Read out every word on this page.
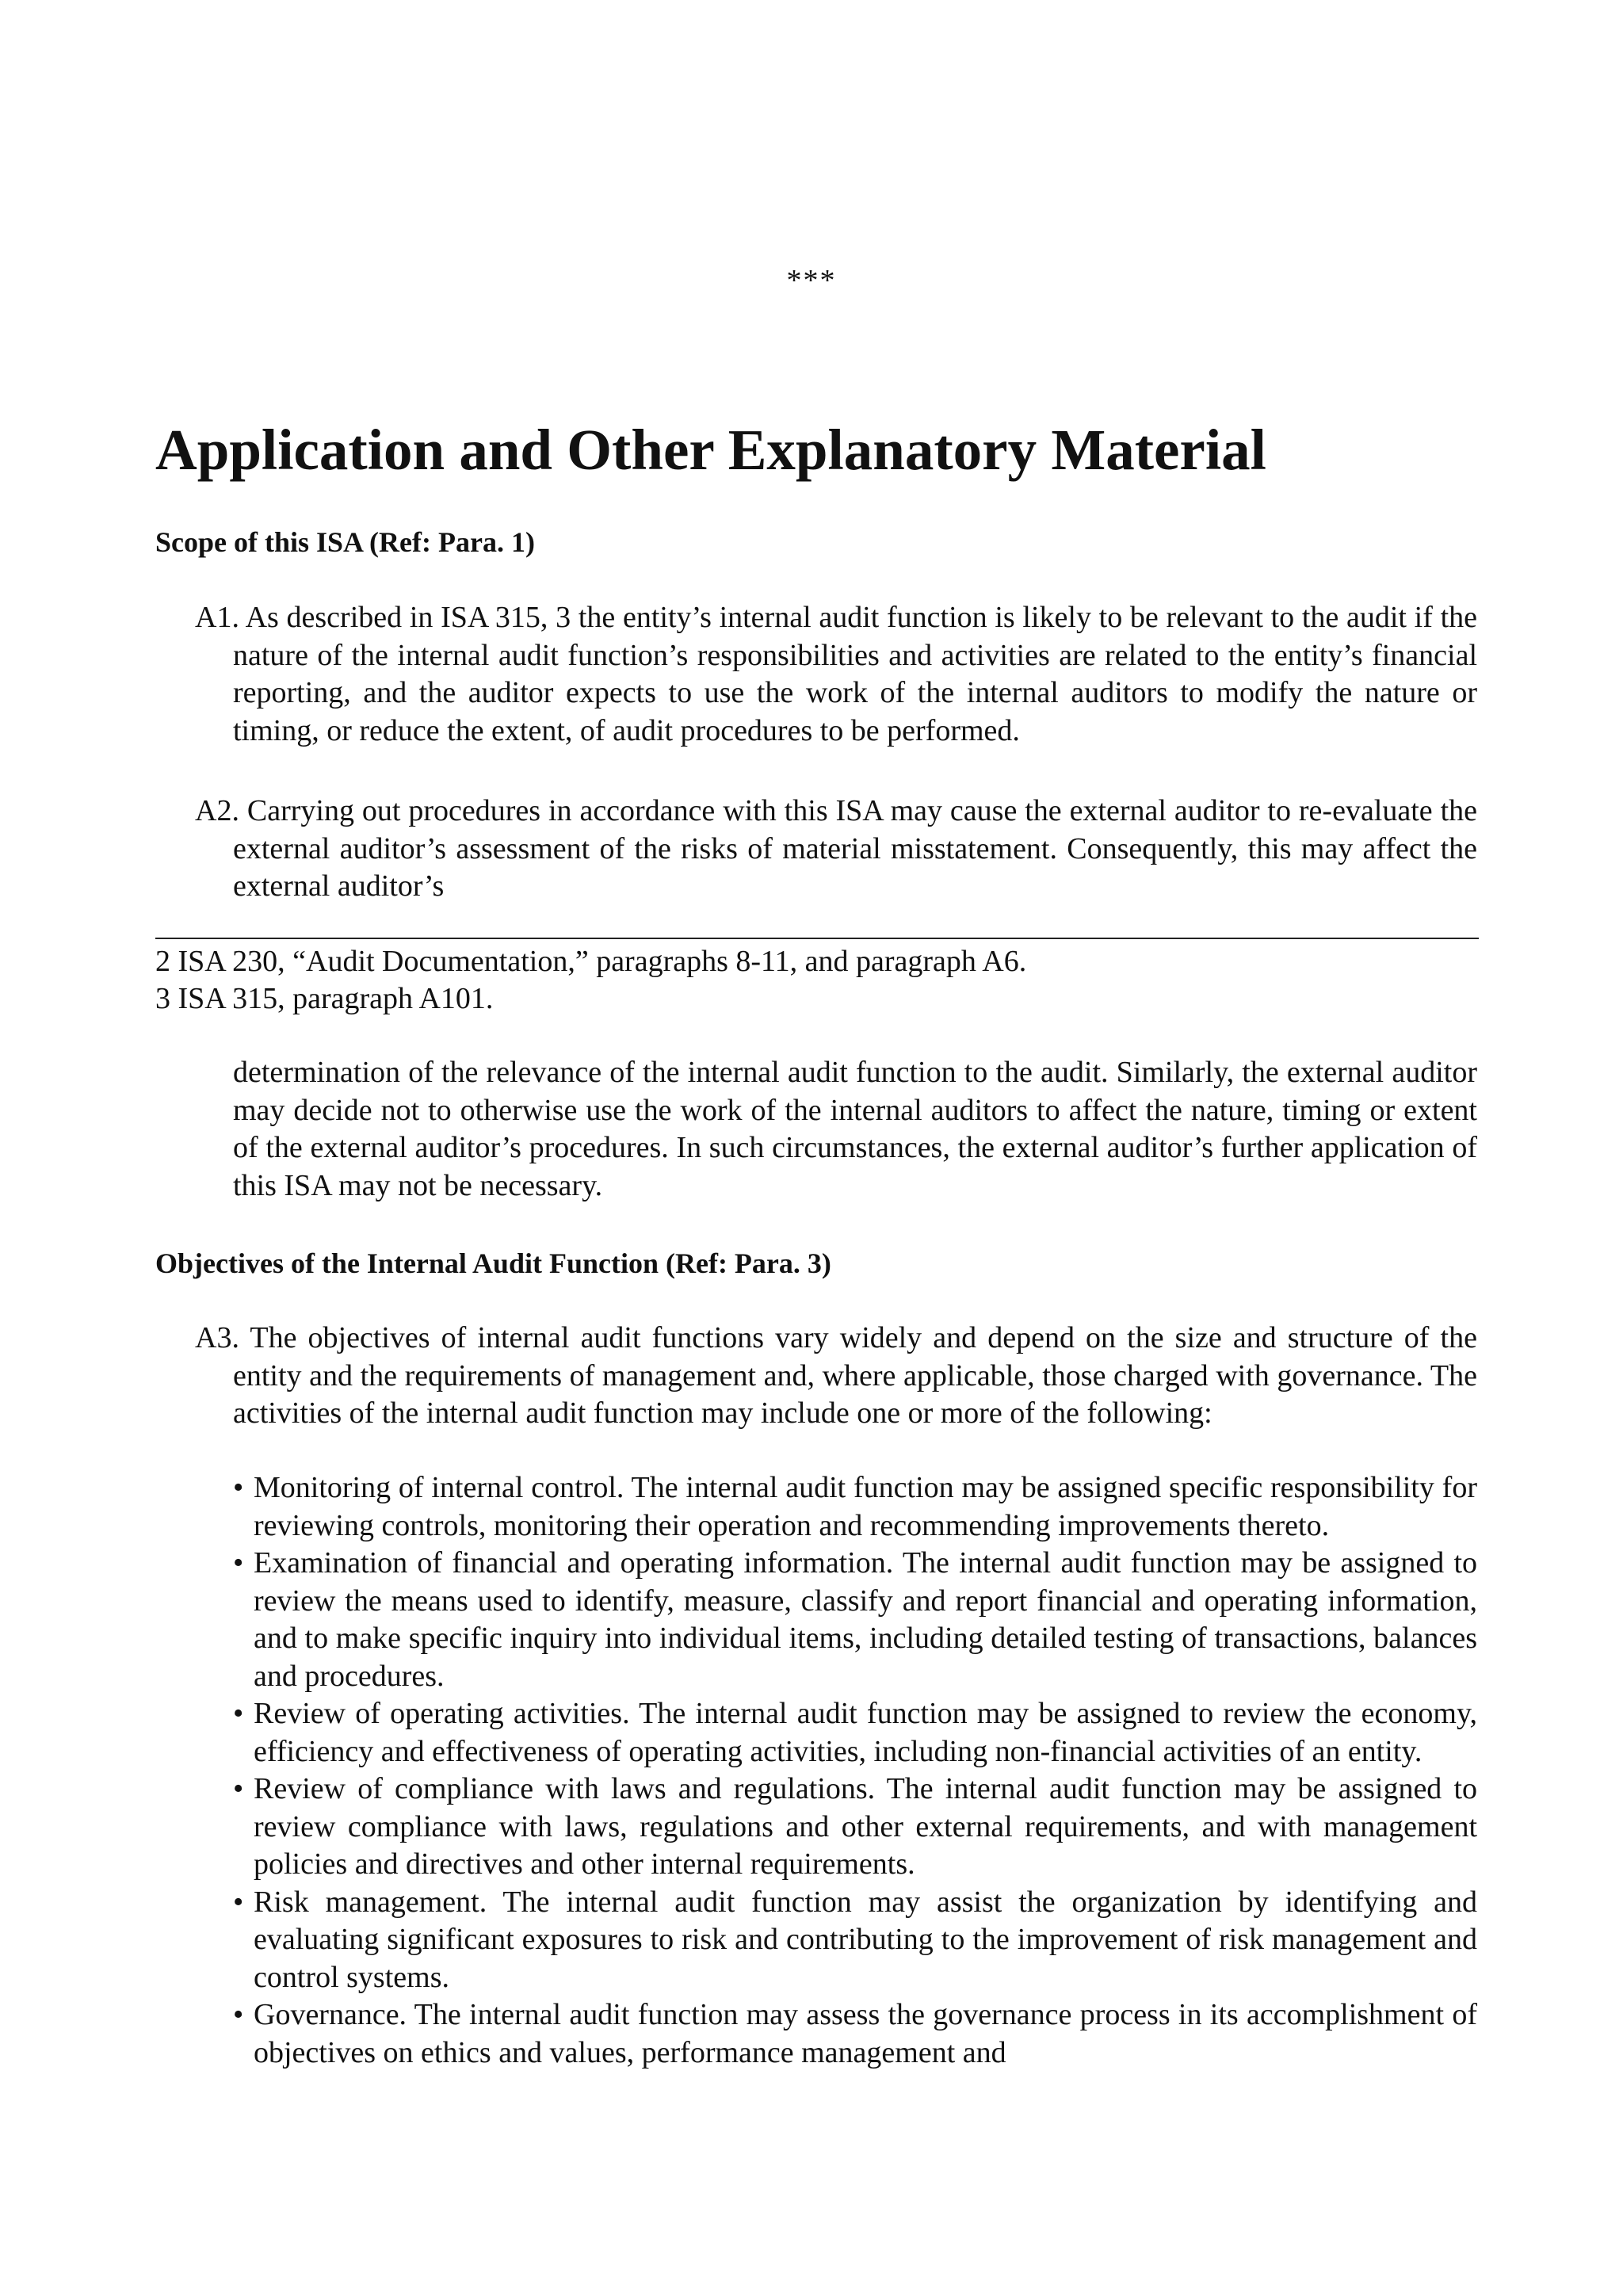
***
Application and Other Explanatory Material
Scope of this ISA (Ref: Para. 1)

A1. As described in ISA 315, 3 the entity’s internal audit function is likely to be relevant to the audit if the nature of the internal audit function’s responsibilities and activities are related to the entity’s financial reporting, and the auditor expects to use the work of the internal auditors to modify the nature or timing, or reduce the extent, of audit procedures to be performed.

A2. Carrying out procedures in accordance with this ISA may cause the external auditor to re-evaluate the external auditor’s assessment of the risks of material misstatement. Consequently, this may affect the external auditor’s

2 ISA 230, “Audit Documentation,” paragraphs 8-11, and paragraph A6.

3 ISA 315, paragraph A101.

determination of the relevance of the internal audit function to the audit. Similarly, the external auditor may decide not to otherwise use the work of the internal auditors to affect the nature, timing or extent of the external auditor’s procedures. In such circumstances, the external auditor’s further application of this ISA may not be necessary.

Objectives of the Internal Audit Function (Ref: Para. 3)

A3. The objectives of internal audit functions vary widely and depend on the size and structure of the entity and the requirements of management and, where applicable, those charged with governance. The activities of the internal audit function may include one or more of the following:

• Monitoring of internal control. The internal audit function may be assigned specific responsibility for reviewing controls, monitoring their operation and recommending improvements thereto.
• Examination of financial and operating information. The internal audit function may be assigned to review the means used to identify, measure, classify and report financial and operating information, and to make specific inquiry into individual items, including detailed testing of transactions, balances and procedures.
• Review of operating activities. The internal audit function may be assigned to review the economy, efficiency and effectiveness of operating activities, including non-financial activities of an entity.
• Review of compliance with laws and regulations. The internal audit function may be assigned to review compliance with laws, regulations and other external requirements, and with management policies and directives and other internal requirements.
• Risk management. The internal audit function may assist the organization by identifying and evaluating significant exposures to risk and contributing to the improvement of risk management and control systems.
• Governance. The internal audit function may assess the governance process in its accomplishment of objectives on ethics and values, performance management and
